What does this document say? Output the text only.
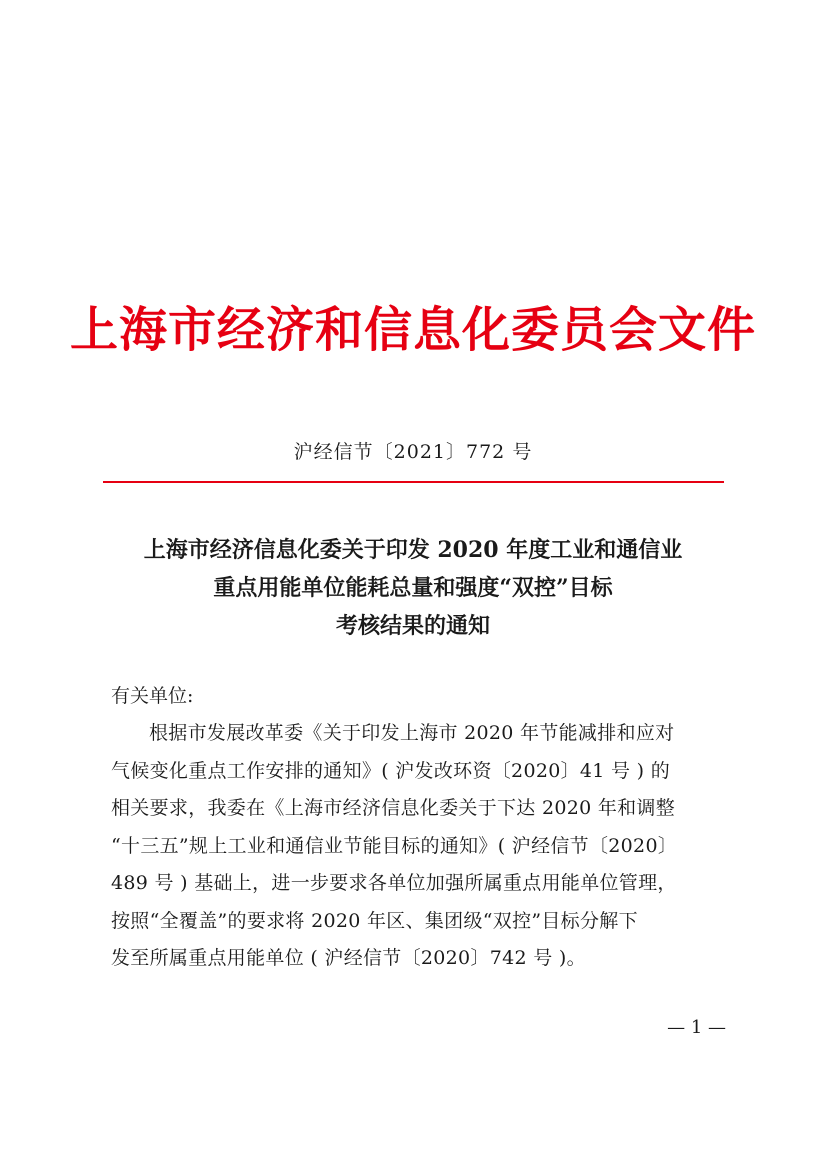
上海市经济和信息化委员会文件
沪经信节〔2021〕772 号
上海市经济信息化委关于印发 2020 年度工业和通信业
重点用能单位能耗总量和强度“双控”目标
考核结果的通知
有关单位:
根据市发展改革委《关于印发上海市 2020 年节能减排和应对
气候变化重点工作安排的通知》( 沪发改环资〔2020〕41 号 ) 的
相关要求，我委在《上海市经济信息化委关于下达 2020 年和调整
“十三五”规上工业和通信业节能目标的通知》( 沪经信节〔2020〕
489 号 ) 基础上，进一步要求各单位加强所属重点用能单位管理，
按照“全覆盖”的要求将 2020 年区、集团级“双控”目标分解下
发至所属重点用能单位 ( 沪经信节〔2020〕742 号 )。
— 1 —
